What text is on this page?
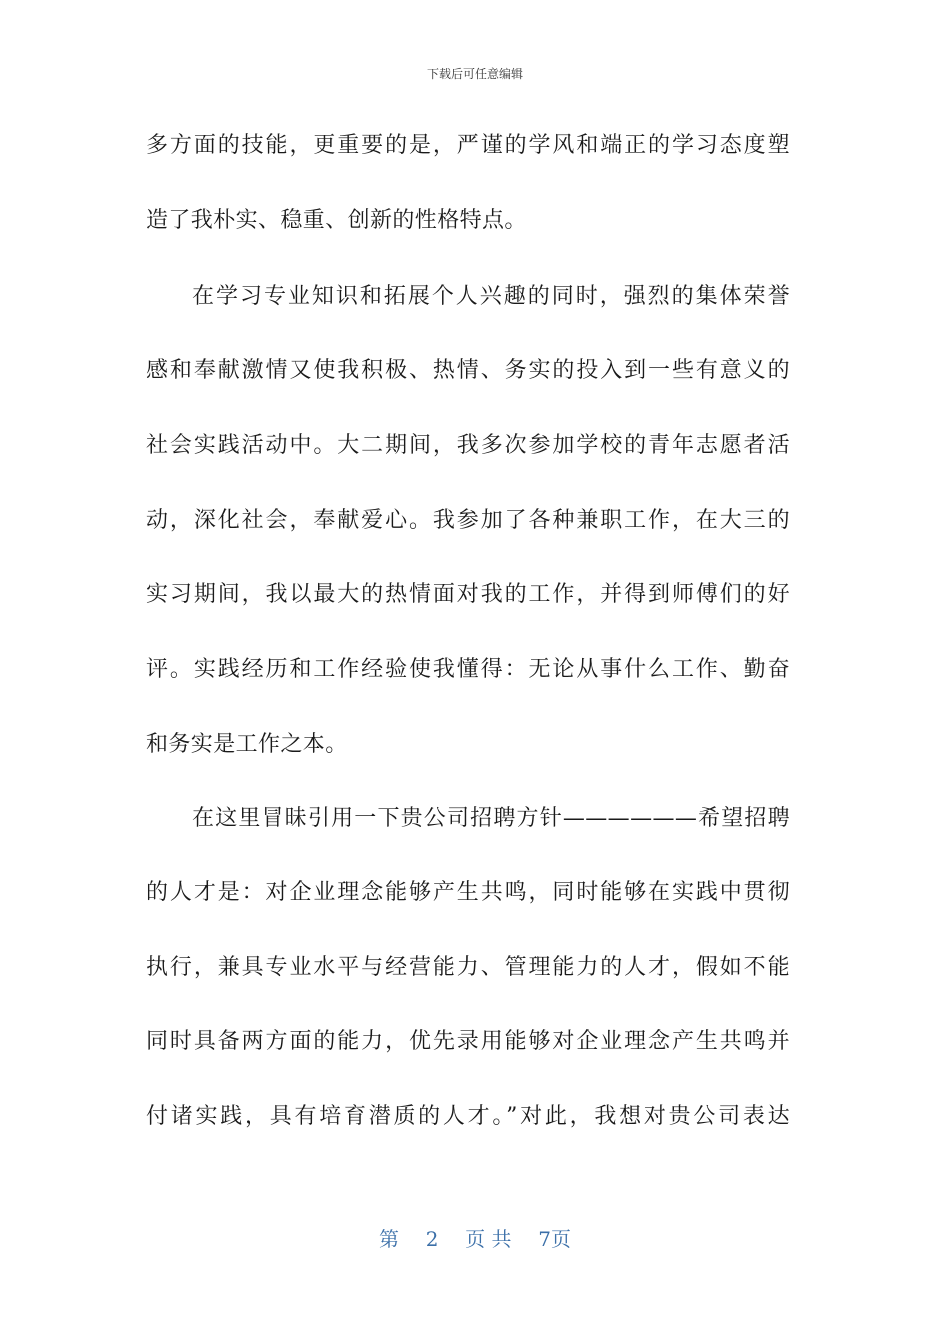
下载后可任意编辑
多方面的技能，更重要的是，严谨的学风和端正的学习态度塑
造了我朴实、稳重、创新的性格特点。
在学习专业知识和拓展个人兴趣的同时，强烈的集体荣誉
感和奉献激情又使我积极、热情、务实的投入到一些有意义的
社会实践活动中。大二期间，我多次参加学校的青年志愿者活
动，深化社会，奉献爱心。我参加了各种兼职工作，在大三的
实习期间，我以最大的热情面对我的工作，并得到师傅们的好
评。实践经历和工作经验使我懂得：无论从事什么工作、勤奋
和务实是工作之本。
在这里冒昧引用一下贵公司招聘方针——————希望招聘
的人才是：对企业理念能够产生共鸣，同时能够在实践中贯彻
执行，兼具专业水平与经营能力、管理能力的人才，假如不能
同时具备两方面的能力，优先录用能够对企业理念产生共鸣并
付诸实践，具有培育潜质的人才。”对此，我想对贵公司表达
第 2 页 共 7页
